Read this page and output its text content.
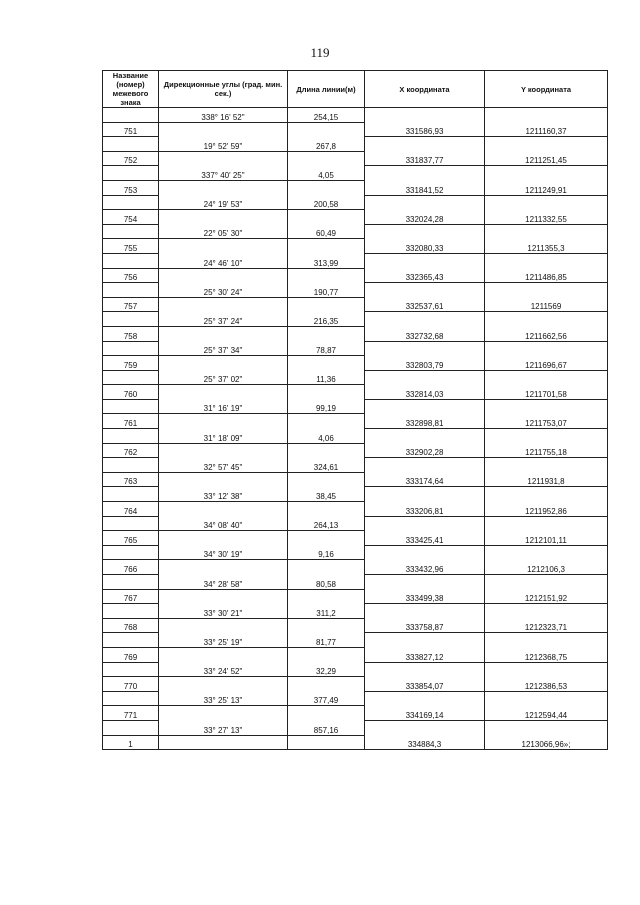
119
Название (номер) межевого знака	Дирекционные углы (град. мин. сек.)	Длина линии(м)	X координата	Y координата
	338° 16' 52"	254,15		
751			331586,93	1211160,37
	19° 52' 59"	267,8		
752			331837,77	1211251,45
	337° 40' 25"	4,05		
753			331841,52	1211249,91
	24° 19' 53"	200,58		
754			332024,28	1211332,55
	22° 05' 30"	60,49		
755			332080,33	1211355,3
	24° 46' 10"	313,99		
756			332365,43	1211486,85
	25° 30' 24"	190,77		
757			332537,61	1211569
	25° 37' 24"	216,35		
758			332732,68	1211662,56
	25° 37' 34"	78,87		
759			332803,79	1211696,67
	25° 37' 02"	11,36		
760			332814,03	1211701,58
	31° 16' 19"	99,19		
761			332898,81	1211753,07
	31° 18' 09"	4,06		
762			332902,28	1211755,18
	32° 57' 45"	324,61		
763			333174,64	1211931,8
	33° 12' 38"	38,45		
764			333206,81	1211952,86
	34° 08' 40"	264,13		
765			333425,41	1212101,11
	34° 30' 19"	9,16		
766			333432,96	1212106,3
	34° 28' 58"	80,58		
767			333499,38	1212151,92
	33° 30' 21"	311,2		
768			333758,87	1212323,71
	33° 25' 19"	81,77		
769			333827,12	1212368,75
	33° 24' 52"	32,29		
770			333854,07	1212386,53
	33° 25' 13"	377,49		
771			334169,14	1212594,44
	33° 27' 13"	857,16		
1			334884,3	1213066,96»;
